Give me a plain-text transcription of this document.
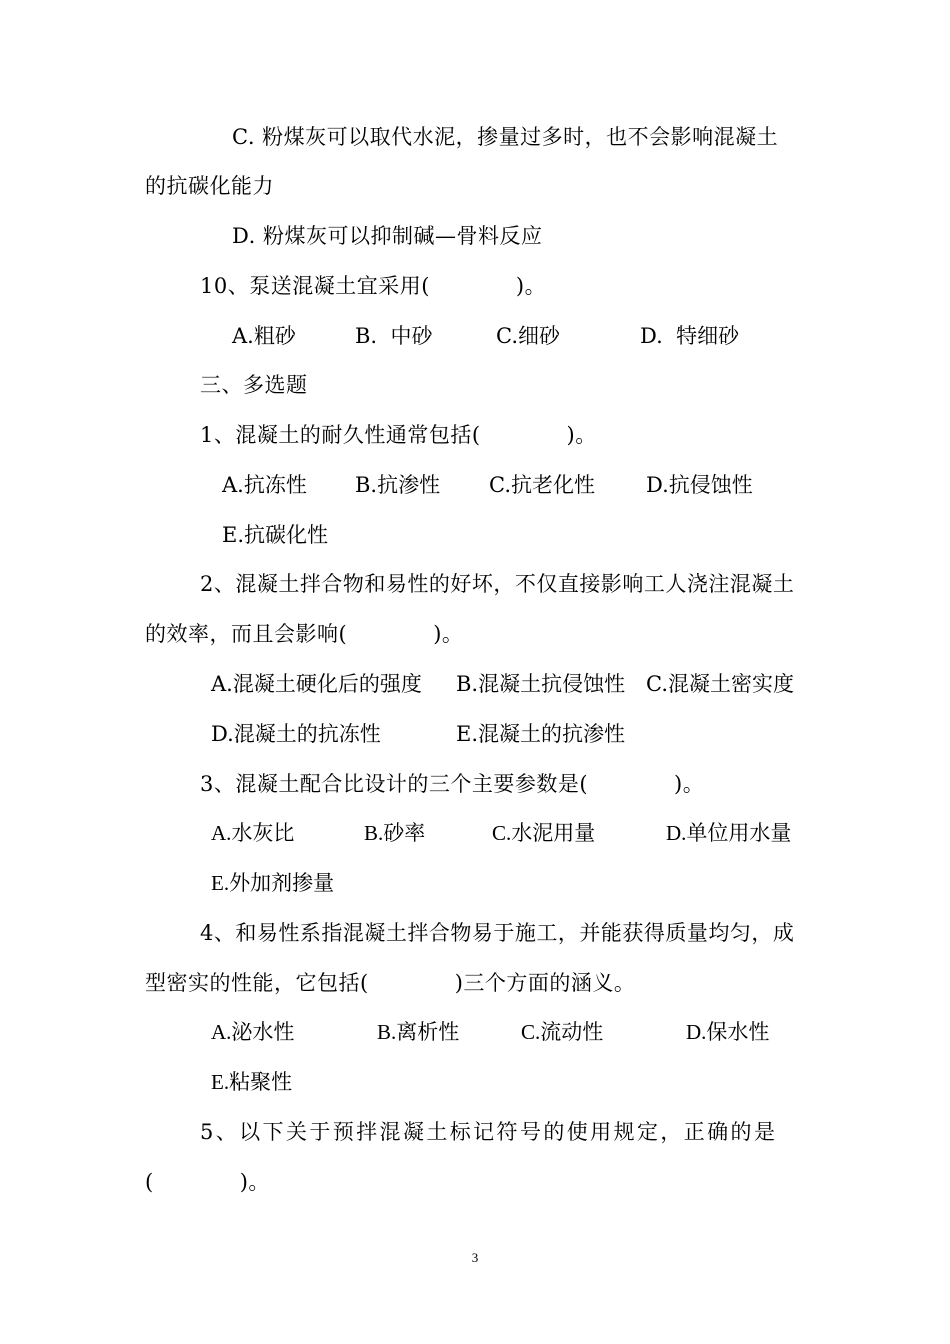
C. 粉煤灰可以取代水泥，掺量过多时，也不会影响混凝土
的抗碳化能力
D. 粉煤灰可以抑制碱—骨料反应
10、泵送混凝土宜采用(　　　　)。
A.粗砂	B.  中砂	C.细砂	D.  特细砂
三、多选题
1、混凝土的耐久性通常包括(　　　　)。
A.抗冻性 B.抗渗性 C.抗老化性 D.抗侵蚀性
E.抗碳化性
2、混凝土拌合物和易性的好坏，不仅直接影响工人浇注混凝土
的效率，而且会影响(　　　　)。
A.混凝土硬化后的强度 B.混凝土抗侵蚀性 C.混凝土密实度
D.混凝土的抗冻性	E.混凝土的抗渗性
3、混凝土配合比设计的三个主要参数是(　　　　)。
A.水灰比	B.砂率	C.水泥用量	D.单位用水量
E.外加剂掺量
4、和易性系指混凝土拌合物易于施工，并能获得质量均匀，成
型密实的性能，它包括(　　　　)三个方面的涵义。
A.泌水性	B.离析性	C.流动性	D.保水性
E.粘聚性
5、以下关于预拌混凝土标记符号的使用规定，正确的是
(　　　　)。
3
